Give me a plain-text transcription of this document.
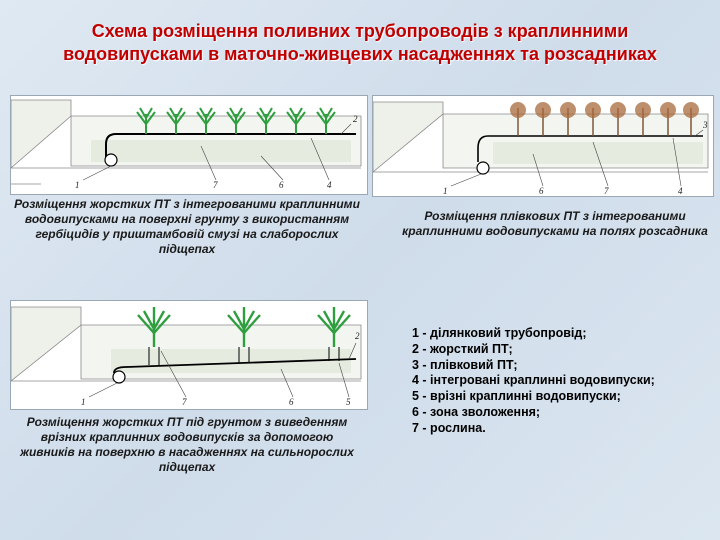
Схема розміщення поливних трубопроводів з краплинними
водовипусками в маточно-живцевих насадженнях та розсадниках
1	7	6	4
2
Розміщення жорстких ПТ з інтегрованими краплинними водовипусками на поверхні грунту з використанням гербіцидів у приштамбовій смузі на слаборослих підщепах
1	6	7	4
3
Розміщення плівкових ПТ з інтегрованими краплинними водовипусками на полях розсадника
1	7	6	5
2
Розміщення жорстких ПТ під грунтом з виведенням врізних краплинних водовипусків за допомогою живників на поверхню в насадженнях на сильнорослих підщепах
1 - ділянковий трубопровід;
2 - жорсткий ПТ;
3 - плівковий ПТ;
4 - інтегровані краплинні водовипуски;
5 - врізні краплинні водовипуски;
6 - зона зволоження;
7 - рослина.
